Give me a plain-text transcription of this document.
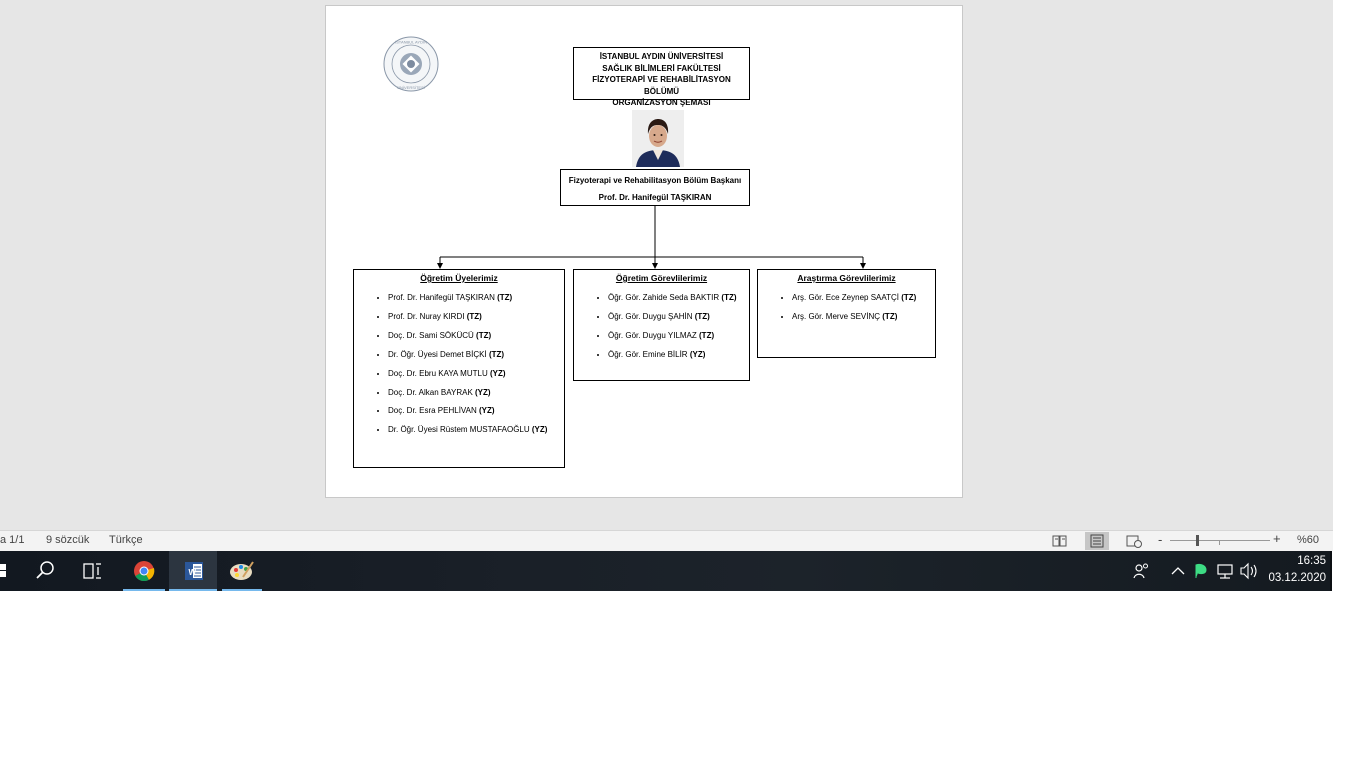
İSTANBUL AYDIN
ÜNİVERSİTESİ
İSTANBUL AYDIN ÜNİVERSİTESİ
SAĞLIK BİLİMLERİ FAKÜLTESİ
FİZYOTERAPİ VE REHABİLİTASYON BÖLÜMÜ
ORGANİZASYON ŞEMASI
Fizyoterapi ve Rehabilitasyon Bölüm Başkanı
Prof. Dr. Hanifegül TAŞKIRAN
Öğretim Üyelerimiz
• Prof. Dr. Hanifegül TAŞKIRAN (TZ)
• Prof. Dr. Nuray KIRDI (TZ)
• Doç. Dr. Sami SÖKÜCÜ (TZ)
• Dr. Öğr. Üyesi Demet BİÇKİ (TZ)
• Doç. Dr. Ebru KAYA MUTLU (YZ)
• Doç. Dr. Alkan BAYRAK (YZ)
• Doç. Dr. Esra PEHLİVAN (YZ)
• Dr. Öğr. Üyesi Rüstem MUSTAFAOĞLU (YZ)
Öğretim Görevlilerimiz
• Öğr. Gör. Zahide Seda BAKTIR (TZ)
• Öğr. Gör. Duygu ŞAHİN (TZ)
• Öğr. Gör. Duygu YILMAZ (TZ)
• Öğr. Gör. Emine BİLİR (YZ)
Araştırma Görevlilerimiz
• Arş. Gör. Ece Zeynep SAATÇİ (TZ)
• Arş. Gör. Merve SEVİNÇ (TZ)
a 1/1 9 sözcük Türkçe	-	+ %60
W
16:35
03.12.2020
